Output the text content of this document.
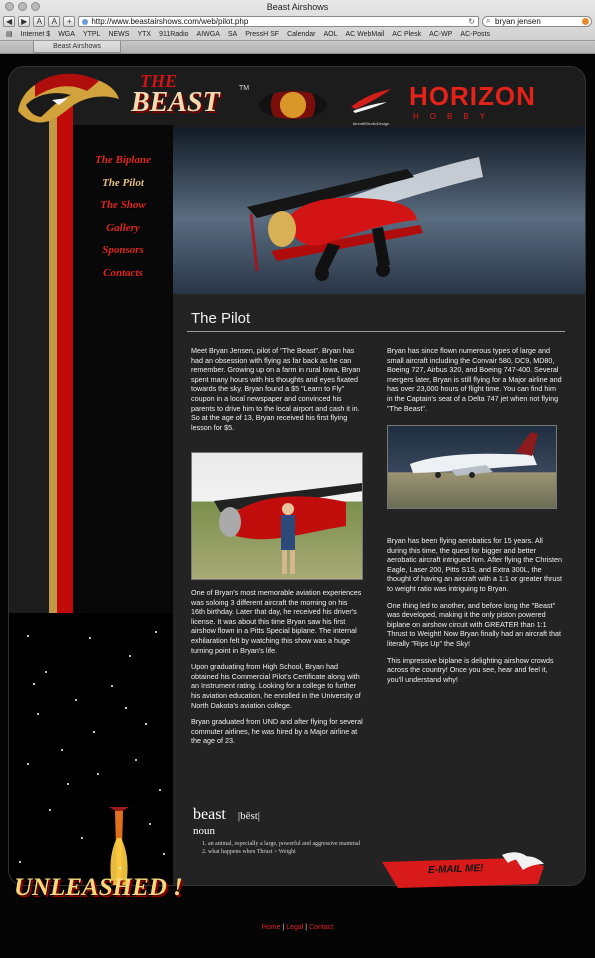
Beast Airshows
◀	▶	A	A	+	http://www.beastairshows.com/web/pilot.php	↻
⌕	bryan jensen
▤ Internet $ WGA YTPL NEWS YTX 911Radio AIWGA SA PressH SF Calendar AOL AC WebMail AC Plesk AC-WP AC-Posts
Beast Airshows
THE
BEAST	TM
AircraftStudioDesign
HORIZON
HOBBY
The Biplane
The Pilot
The Show
Gallery
Sponsors
Contacts
The Pilot

Meet Bryan Jensen, pilot of "The Beast". Bryan has had an obsession with flying as far back as he can remember. Growing up on a farm in rural Iowa, Bryan spent many hours with his thoughts and eyes fixated towards the sky. Bryan found a $5 "Learn to Fly" coupon in a local newspaper and convinced his parents to drive him to the local airport and cash it in. So at the age of 13, Bryan received his first flying lesson for $5.

One of Bryan's most memorable aviation experiences was soloing 3 different aircraft the morning on his 16th birthday. Later that day, he received his driver's license. It was about this time Bryan saw his first airshow flown in a Pitts Special biplane. The internal exhilaration felt by watching this show was a huge turning point in Bryan's life.

Upon graduating from High School, Bryan had obtained his Commercial Pilot's Certificate along with an Instrument rating. Looking for a college to further his aviation education, he enrolled in the University of North Dakota's aviation college.

Bryan graduated from UND and after flying for several commuter airlines, he was hired by a Major airline at the age of 23.

Bryan has since flown numerous types of large and small aircraft including the Convair 580, DC9, MD80, Boeing 727, Airbus 320, and Boeing 747-400. Several mergers later, Bryan is still flying for a Major airline and has over 23,000 hours of flight time. You can find him in the Captain's seat of a Delta 747 jet when not flying "The Beast".

Bryan has been flying aerobatics for 15 years. All during this time, the quest for bigger and better aerobatic aircraft intrigued him. After flying the Christen Eagle, Laser 200, Pitts S1S, and Extra 300L, the thought of having an aircraft with a 1:1 or greater thrust to weight ratio was intriguing to Bryan.

One thing led to another, and before long the "Beast" was developed, making it the only piston powered biplane on airshow circuit with GREATER than 1:1 Thrust to Weight! Now Bryan finally had an aircraft that literally "Rips Up" the Sky!

This impressive biplane is delighting airshow crowds across the country! Once you see, hear and feel it, you'll understand why!

beast |bēst|
noun
1. an animal, especially a large, powerful and aggressive mammal
2. what happens when Thrust > Weight
UNLEASHED !
E-MAIL ME!
Home | Legal | Contact
